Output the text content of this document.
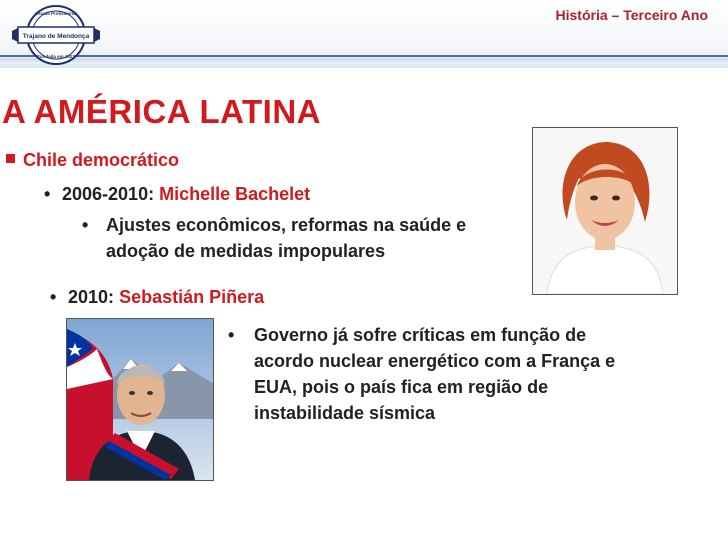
Trajano de Mendonça
Escola Profissional
Fundada em 1927
História – Terceiro Ano
A AMÉRICA LATINA
Chile democrático
• 2006-2010: Michelle Bachelet
• Ajustes econômicos, reformas na saúde e
adoção de medidas impopulares
• 2010: Sebastián Piñera
• Governo já sofre críticas em função de
acordo nuclear energético com a França e
EUA, pois o país fica em região de
instabilidade sísmica
